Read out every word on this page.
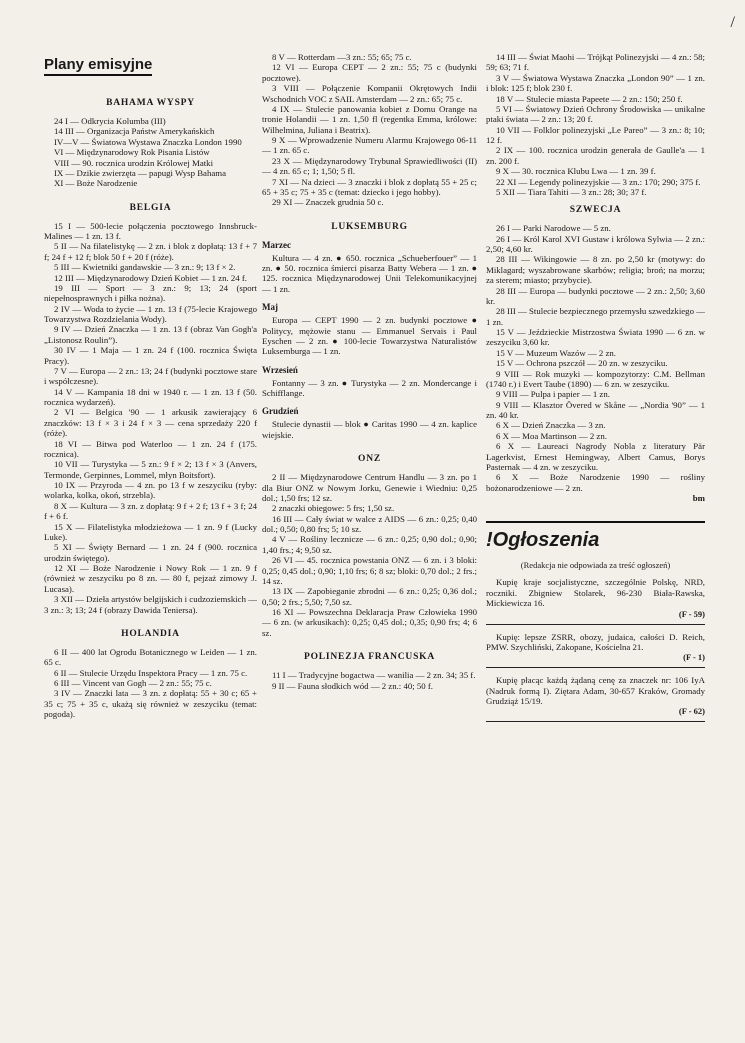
/
Plany emisyjne
BAHAMA WYSPY

24 I — Odkrycia Kolumba (III)

14 III — Organizacja Państw Amerykańskich

IV—V — Światowa Wystawa Znaczka London 1990

VI — Międzynarodowy Rok Pisania Listów

VIII — 90. rocznica urodzin Królowej Matki

IX — Dzikie zwierzęta — papugi Wysp Bahama

XI — Boże Narodzenie

BELGIA

15 I — 500-lecie połączenia pocztowego Innsbruck-Malines — 1 zn. 13 f.

5 II — Na filatelistykę — 2 zn. i blok z dopłatą: 13 f + 7 f; 24 f + 12 f; blok 50 f + 20 f (róże).

5 III — Kwietniki gandawskie — 3 zn.: 9; 13 f × 2.

12 III — Międzynarodowy Dzień Kobiet — 1 zn. 24 f.

19 III — Sport — 3 zn.: 9; 13; 24 (sport niepełnosprawnych i piłka nożna).

2 IV — Woda to życie — 1 zn. 13 f (75-lecie Krajowego Towarzystwa Rozdzielania Wody).

9 IV — Dzień Znaczka — 1 zn. 13 f (obraz Van Gogh'a „Listonosz Roulin”).

30 IV — 1 Maja — 1 zn. 24 f (100. rocznica Święta Pracy).

7 V — Europa — 2 zn.: 13; 24 f (budynki pocztowe stare i współczesne).

14 V — Kampania 18 dni w 1940 r. — 1 zn. 13 f (50. rocznica wydarzeń).

2 VI — Belgica '90 — 1 arkusik zawierający 6 znaczków: 13 f × 3 i 24 f × 3 — cena sprzedaży 220 f (róże).

18 VI — Bitwa pod Waterloo — 1 zn. 24 f (175. rocznica).

10 VII — Turystyka — 5 zn.: 9 f × 2; 13 f × 3 (Anvers, Termonde, Gerpinnes, Lommel, młyn Boitsfort).

10 IX — Przyroda — 4 zn. po 13 f w zeszyciku (ryby: wolarka, kolka, okoń, strzebla).

8 X — Kultura — 3 zn. z dopłatą: 9 f + 2 f; 13 f + 3 f; 24 f + 6 f.

15 X — Filatelistyka młodzieżowa — 1 zn. 9 f (Lucky Luke).

5 XI — Święty Bernard — 1 zn. 24 f (900. rocznica urodzin świętego).

12 XI — Boże Narodzenie i Nowy Rok — 1 zn. 9 f (również w zeszyciku po 8 zn. — 80 f, pejzaż zimowy J. Lucasa).

3 XII — Dzieła artystów belgijskich i cudzoziemskich — 3 zn.: 3; 13; 24 f (obrazy Dawida Teniersa).

HOLANDIA

6 II — 400 lat Ogrodu Botanicznego w Leiden — 1 zn. 65 c.

6 II — Stulecie Urzędu Inspektora Pracy — 1 zn. 75 c.

6 III — Vincent van Gogh — 2 zn.: 55; 75 c.

3 IV — Znaczki lata — 3 zn. z dopłatą: 55 + 30 c; 65 + 35 c; 75 + 35 c, ukażą się również w zeszyciku (temat: pogoda).

8 V — Rotterdam —3 zn.: 55; 65; 75 c.

12 VI — Europa CEPT — 2 zn.: 55; 75 c (budynki pocztowe).

3 VIII — Połączenie Kompanii Okrętowych Indii Wschodnich VOC z SAIL Amsterdam — 2 zn.: 65; 75 c.

4 IX — Stulecie panowania kobiet z Domu Orange na tronie Holandii — 1 zn. 1,50 fl (regentka Emma, królowe: Wilhelmina, Juliana i Beatrix).

9 X — Wprowadzenie Numeru Alarmu Krajowego 06-11 — 1 zn. 65 c.

23 X — Międzynarodowy Trybunał Sprawiedliwości (II) — 4 zn. 65 c; 1; 1,50; 5 fl.

7 XI — Na dzieci — 3 znaczki i blok z dopłatą 55 + 25 c; 65 + 35 c; 75 + 35 c (temat: dziecko i jego hobby).

29 XI — Znaczek grudnia 50 c.

LUKSEMBURG
Marzec

Kultura — 4 zn. ● 650. rocznica „Schueberfouer” — 1 zn. ● 50. rocznica śmierci pisarza Batty Webera — 1 zn. ● 125. rocznica Międzynarodowej Unii Telekomunikacyjnej — 1 zn.

Maj

Europa — CEPT 1990 — 2 zn. budynki pocztowe ● Politycy, mężowie stanu — Emmanuel Servais i Paul Eyschen — 2 zn. ● 100-lecie Towarzystwa Naturalistów Luksemburga — 1 zn.

Wrzesień

Fontanny — 3 zn. ● Turystyka — 2 zn. Mondercange i Schifflange.

Grudzień

Stulecie dynastii — blok ● Caritas 1990 — 4 zn. kaplice wiejskie.

ONZ

2 II — Międzynarodowe Centrum Handlu — 3 zn. po 1 dla Biur ONZ w Nowym Jorku, Genewie i Wiedniu: 0,25 dol.; 1,50 frs; 12 sz.

2 znaczki obiegowe: 5 frs; 1,50 sz.

16 III — Cały świat w walce z AIDS — 6 zn.: 0,25; 0,40 dol.; 0,50; 0,80 frs; 5; 10 sz.

4 V — Rośliny lecznicze — 6 zn.: 0,25; 0,90 dol.; 0,90; 1,40 frs.; 4; 9,50 sz.

26 VI — 45. rocznica powstania ONZ — 6 zn. i 3 bloki: 0,25; 0,45 dol.; 0,90; 1,10 frs; 6; 8 sz; bloki: 0,70 dol.; 2 frs.; 14 sz.

13 IX — Zapobieganie zbrodni — 6 zn.: 0,25; 0,36 dol.; 0,50; 2 frs.; 5,50; 7,50 sz.

16 XI — Powszechna Deklaracja Praw Człowieka 1990 — 6 zn. (w arkusikach): 0,25; 0,45 dol.; 0,35; 0,90 frs; 4; 6 sz.

POLINEZJA FRANCUSKA

11 I — Tradycyjne bogactwa — wanilia — 2 zn. 34; 35 f.

9 II — Fauna słodkich wód — 2 zn.: 40; 50 f.

14 III — Świat Maohi — Trójkąt Polinezyjski — 4 zn.: 58; 59; 63; 71 f.

3 V — Światowa Wystawa Znaczka „London 90” — 1 zn. i blok: 125 f; blok 230 f.

18 V — Stulecie miasta Papeete — 2 zn.: 150; 250 f.

5 VI — Światowy Dzień Ochrony Środowiska — unikalne ptaki świata — 2 zn.: 13; 20 f.

10 VII — Folklor polinezyjski „Le Pareo” — 3 zn.: 8; 10; 12 f.

2 IX — 100. rocznica urodzin generała de Gaulle'a — 1 zn. 200 f.

9 X — 30. rocznica Klubu Lwa — 1 zn. 39 f.

22 XI — Legendy polinezyjskie — 3 zn.: 170; 290; 375 f.

5 XII — Tiara Tahiti — 3 zn.: 28; 30; 37 f.

SZWECJA

26 I — Parki Narodowe — 5 zn.

26 I — Król Karol XVI Gustaw i królowa Sylwia — 2 zn.: 2,50; 4,60 kr.

28 III — Wikingowie — 8 zn. po 2,50 kr (motywy: do Miklagard; wyszabrowane skarbów; religia; broń; na morzu; za sterem; miasto; przybycie).

28 III — Europa — budynki pocztowe — 2 zn.: 2,50; 3,60 kr.

28 III — Stulecie bezpiecznego przemysłu szwedzkiego — 1 zn.

15 V — Jeździeckie Mistrzostwa Świata 1990 — 6 zn. w zeszyciku 3,60 kr.

15 V — Muzeum Wazów — 2 zn.

15 V — Ochrona pszczół — 20 zn. w zeszyciku.

9 VIII — Rok muzyki — kompozytorzy: C.M. Bellman (1740 r.) i Evert Taube (1890) — 6 zn. w zeszyciku.

9 VIII — Pulpa i papier — 1 zn.

9 VIII — Klasztor Övered w Skåne — „Nordia '90” — 1 zn. 40 kr.

6 X — Dzień Znaczka — 3 zn.

6 X — Moa Martinson — 2 zn.

6 X — Laureaci Nagrody Nobla z literatury Pär Lagerkvist, Ernest Hemingway, Albert Camus, Borys Pasternak — 4 zn. w zeszyciku.

6 X — Boże Narodzenie 1990 — rośliny bożonarodzeniowe — 2 zn.

bm
!Ogłoszenia
(Redakcja nie odpowiada za treść ogłoszeń)

Kupię kraje socjalistyczne, szczególnie Polskę, NRD, roczniki. Zbigniew Stolarek, 96-230 Biała-Rawska, Mickiewicza 16.

(F - 59)

Kupię: lepsze ZSRR, obozy, judaica, całości D. Reich, PMW. Szychliński, Zakopane, Kościelna 21.

(F - 1)

Kupię płacąc każdą żądaną cenę za znaczek nr: 106 IyA (Nadruk formą I). Ziętara Adam, 30-657 Kraków, Gromady Grudziąż 15/19.

(F - 62)
